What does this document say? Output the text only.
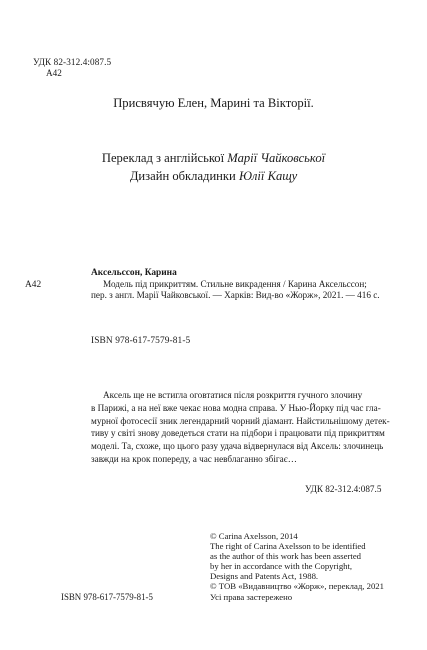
УДК 82-312.4:087.5
А42
Присвячую Елен, Марині та Вікторії.
Переклад з англійської Марії Чайковської
Дизайн обкладинки Юлії Кащу
А42
Аксельссон, Карина
Модель під прикриттям. Стильне викрадення / Карина Аксельссон;
пер. з англ. Марії Чайковської. — Харків: Вид-во «Жорж», 2021. — 416 с.
ISBN 978-617-7579-81-5
Аксель ще не встигла оговтатися після розкриття гучного злочину
в Парижі, а на неї вже чекає нова модна справа. У Нью-Йорку під час гла-
мурної фотосесії зник легендарний чорний діамант. Найстильнішому детек-
тиву у світі знову доведеться стати на підбори і працювати під прикриттям
моделі. Та, схоже, що цього разу удача відвернулася від Аксель: злочинець
завжди на крок попереду, а час невблаганно збігає…
УДК 82-312.4:087.5
© Carina Axelsson, 2014
The right of Carina Axelsson to be identified
as the author of this work has been asserted
by her in accordance with the Copyright,
Designs and Patents Act, 1988.
© ТОВ «Видавництво «Жорж», переклад, 2021
Усі права застережено
ISBN 978-617-7579-81-5
